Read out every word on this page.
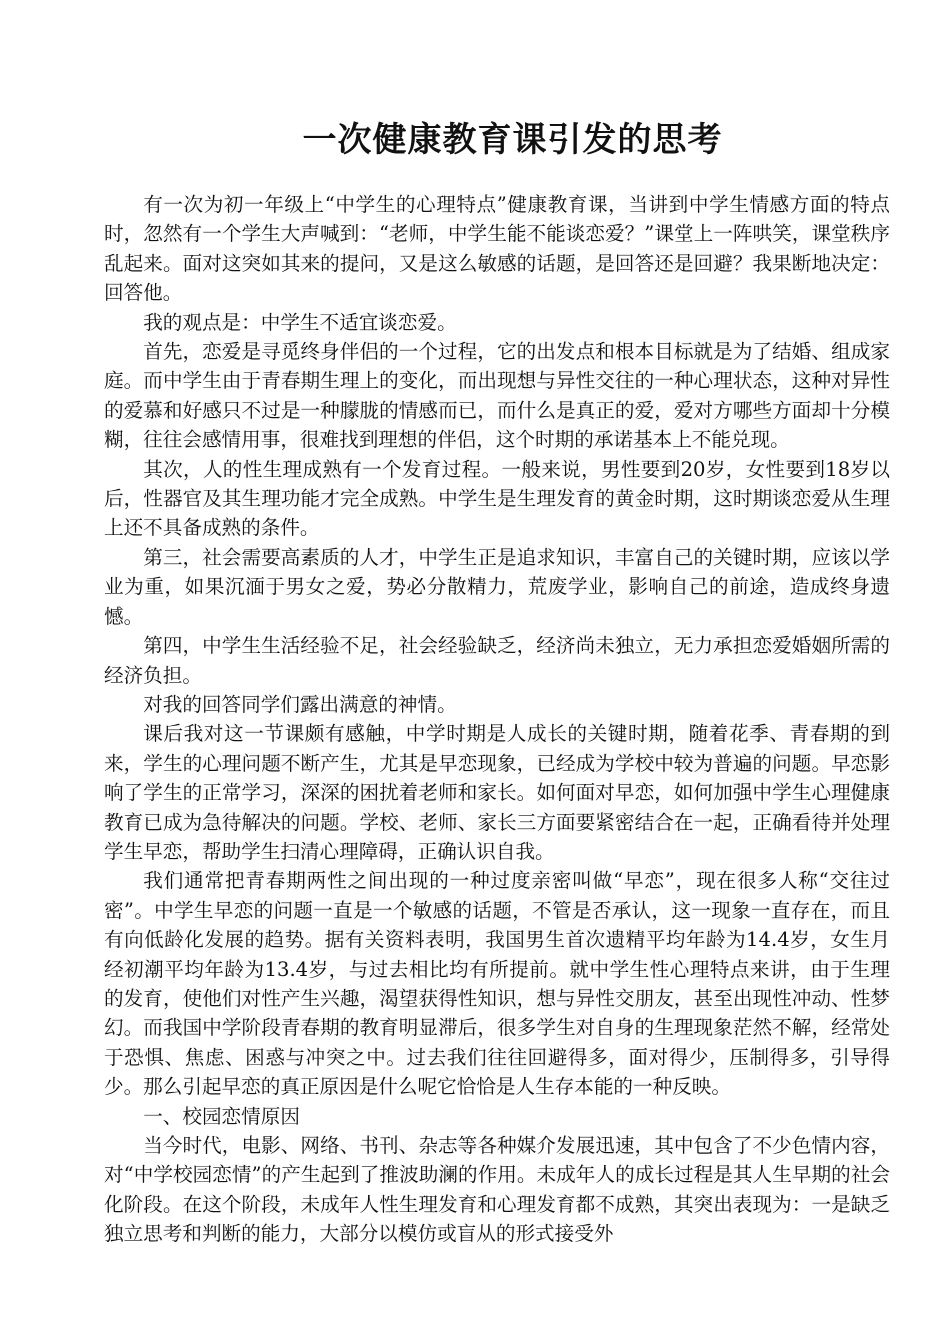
一次健康教育课引发的思考

有一次为初一年级上“中学生的心理特点”健康教育课，当讲到中学生情感方面的特点时，忽然有一个学生大声喊到：“老师，中学生能不能谈恋爱？”课堂上一阵哄笑，课堂秩序乱起来。面对这突如其来的提问，又是这么敏感的话题，是回答还是回避？我果断地决定：回答他。

我的观点是：中学生不适宜谈恋爱。

首先，恋爱是寻觅终身伴侣的一个过程，它的出发点和根本目标就是为了结婚、组成家庭。而中学生由于青春期生理上的变化，而出现想与异性交往的一种心理状态，这种对异性的爱慕和好感只不过是一种朦胧的情感而已，而什么是真正的爱，爱对方哪些方面却十分模糊，往往会感情用事，很难找到理想的伴侣，这个时期的承诺基本上不能兑现。

其次，人的性生理成熟有一个发育过程。一般来说，男性要到20岁，女性要到18岁以后，性器官及其生理功能才完全成熟。中学生是生理发育的黄金时期，这时期谈恋爱从生理上还不具备成熟的条件。

第三，社会需要高素质的人才，中学生正是追求知识，丰富自己的关键时期，应该以学业为重，如果沉湎于男女之爱，势必分散精力，荒废学业，影响自己的前途，造成终身遗憾。

第四，中学生生活经验不足，社会经验缺乏，经济尚未独立，无力承担恋爱婚姻所需的经济负担。

对我的回答同学们露出满意的神情。

课后我对这一节课颇有感触，中学时期是人成长的关键时期，随着花季、青春期的到来，学生的心理问题不断产生，尤其是早恋现象，已经成为学校中较为普遍的问题。早恋影响了学生的正常学习，深深的困扰着老师和家长。如何面对早恋，如何加强中学生心理健康教育已成为急待解决的问题。学校、老师、家长三方面要紧密结合在一起，正确看待并处理学生早恋，帮助学生扫清心理障碍，正确认识自我。

我们通常把青春期两性之间出现的一种过度亲密叫做“早恋”，现在很多人称“交往过密”。中学生早恋的问题一直是一个敏感的话题，不管是否承认，这一现象一直存在，而且有向低龄化发展的趋势。据有关资料表明，我国男生首次遗精平均年龄为14.4岁，女生月经初潮平均年龄为13.4岁，与过去相比均有所提前。就中学生性心理特点来讲，由于生理的发育，使他们对性产生兴趣，渴望获得性知识，想与异性交朋友，甚至出现性冲动、性梦幻。而我国中学阶段青春期的教育明显滞后，很多学生对自身的生理现象茫然不解，经常处于恐惧、焦虑、困惑与冲突之中。过去我们往往回避得多，面对得少，压制得多，引导得少。那么引起早恋的真正原因是什么呢它恰恰是人生存本能的一种反映。

一、校园恋情原因

当今时代，电影、网络、书刊、杂志等各种媒介发展迅速，其中包含了不少色情内容，对“中学校园恋情”的产生起到了推波助澜的作用。未成年人的成长过程是其人生早期的社会化阶段。在这个阶段，未成年人性生理发育和心理发育都不成熟，其突出表现为：一是缺乏独立思考和判断的能力，大部分以模仿或盲从的形式接受外
